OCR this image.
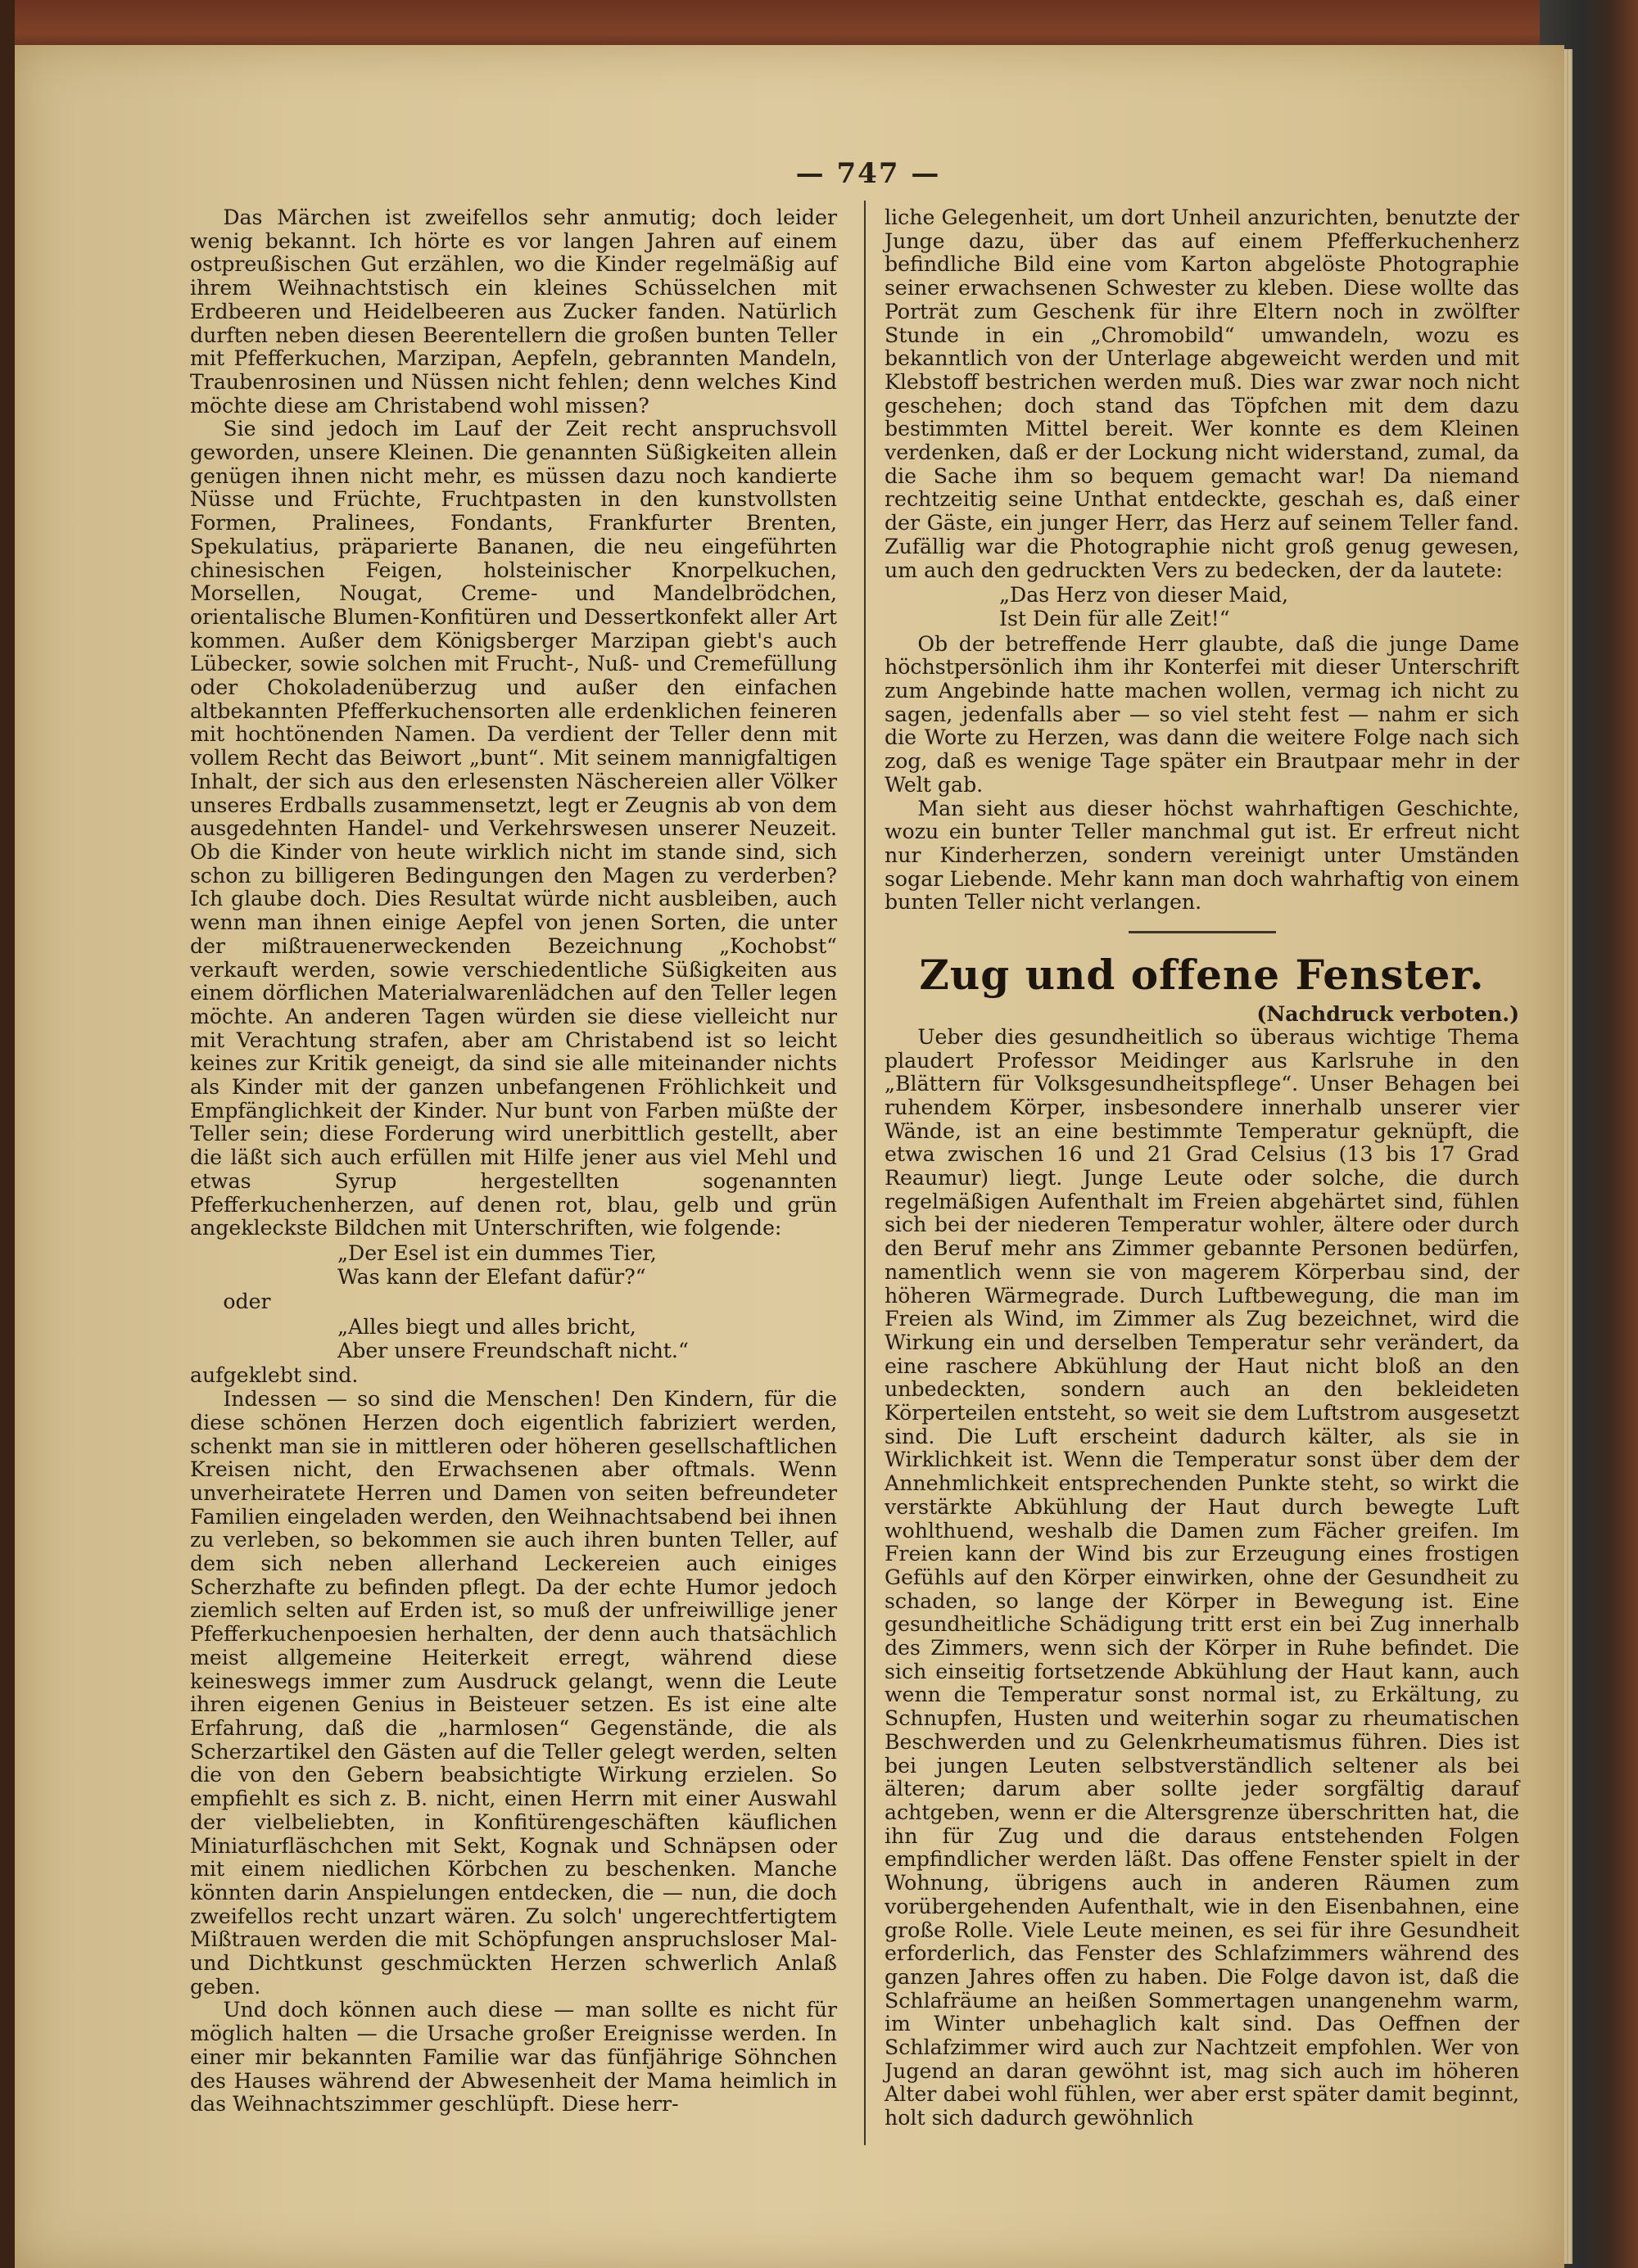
— 747 —

Das Märchen ist zweifellos sehr anmutig; doch leider wenig bekannt. Ich hörte es vor langen Jahren auf einem ostpreußischen Gut erzählen, wo die Kinder regelmäßig auf ihrem Weihnachtstisch ein kleines Schüsselchen mit Erdbeeren und Heidelbeeren aus Zucker fanden. Natürlich durften neben diesen Beerentellern die großen bunten Teller mit Pfefferkuchen, Marzipan, Aepfeln, gebrannten Mandeln, Traubenrosinen und Nüssen nicht fehlen; denn welches Kind möchte diese am Christabend wohl missen?

Sie sind jedoch im Lauf der Zeit recht anspruchsvoll geworden, unsere Kleinen. Die genannten Süßigkeiten allein genügen ihnen nicht mehr, es müssen dazu noch kandierte Nüsse und Früchte, Fruchtpasten in den kunstvollsten Formen, Pralinees, Fondants, Frankfurter Brenten, Spekulatius, präparierte Bananen, die neu eingeführten chinesischen Feigen, holsteinischer Knorpelkuchen, Morsellen, Nougat, Creme- und Mandelbrödchen, orientalische Blumen-Konfitüren und Dessertkonfekt aller Art kommen. Außer dem Königsberger Marzipan giebt's auch Lübecker, sowie solchen mit Frucht-, Nuß- und Cremefüllung oder Chokoladenüberzug und außer den einfachen altbekannten Pfefferkuchensorten alle erdenklichen feineren mit hochtönenden Namen. Da verdient der Teller denn mit vollem Recht das Beiwort „bunt“. Mit seinem mannigfaltigen Inhalt, der sich aus den erlesensten Näschereien aller Völker unseres Erdballs zusammensetzt, legt er Zeugnis ab von dem ausgedehnten Handel- und Verkehrswesen unserer Neuzeit. Ob die Kinder von heute wirklich nicht im stande sind, sich schon zu billigeren Bedingungen den Magen zu verderben? Ich glaube doch. Dies Resultat würde nicht ausbleiben, auch wenn man ihnen einige Aepfel von jenen Sorten, die unter der mißtrauenerweckenden Bezeichnung „Kochobst“ verkauft werden, sowie verschiedentliche Süßigkeiten aus einem dörflichen Materialwarenlädchen auf den Teller legen möchte. An anderen Tagen würden sie diese vielleicht nur mit Verachtung strafen, aber am Christabend ist so leicht keines zur Kritik geneigt, da sind sie alle miteinander nichts als Kinder mit der ganzen unbefangenen Fröhlichkeit und Empfänglichkeit der Kinder. Nur bunt von Farben müßte der Teller sein; diese Forderung wird unerbittlich gestellt, aber die läßt sich auch erfüllen mit Hilfe jener aus viel Mehl und etwas Syrup hergestellten sogenannten Pfefferkuchenherzen, auf denen rot, blau, gelb und grün angekleckste Bildchen mit Unterschriften, wie folgende:

„Der Esel ist ein dummes Tier,
Was kann der Elefant dafür?“

oder

„Alles biegt und alles bricht,
Aber unsere Freundschaft nicht.“

aufgeklebt sind.

Indessen — so sind die Menschen! Den Kindern, für die diese schönen Herzen doch eigentlich fabriziert werden, schenkt man sie in mittleren oder höheren gesellschaftlichen Kreisen nicht, den Erwachsenen aber oftmals. Wenn unverheiratete Herren und Damen von seiten befreundeter Familien eingeladen werden, den Weihnachtsabend bei ihnen zu verleben, so bekommen sie auch ihren bunten Teller, auf dem sich neben allerhand Leckereien auch einiges Scherzhafte zu befinden pflegt. Da der echte Humor jedoch ziemlich selten auf Erden ist, so muß der unfreiwillige jener Pfefferkuchenpoesien herhalten, der denn auch thatsächlich meist allgemeine Heiterkeit erregt, während diese keineswegs immer zum Ausdruck gelangt, wenn die Leute ihren eigenen Genius in Beisteuer setzen. Es ist eine alte Erfahrung, daß die „harmlosen“ Gegenstände, die als Scherzartikel den Gästen auf die Teller gelegt werden, selten die von den Gebern beabsichtigte Wirkung erzielen. So empfiehlt es sich z. B. nicht, einen Herrn mit einer Auswahl der vielbeliebten, in Konfitürengeschäften käuflichen Miniaturfläschchen mit Sekt, Kognak und Schnäpsen oder mit einem niedlichen Körbchen zu beschenken. Manche könnten darin Anspielungen entdecken, die — nun, die doch zweifellos recht unzart wären. Zu solch' ungerechtfertigtem Mißtrauen werden die mit Schöpfungen anspruchsloser Mal- und Dichtkunst geschmückten Herzen schwerlich Anlaß geben.

Und doch können auch diese — man sollte es nicht für möglich halten — die Ursache großer Ereignisse werden. In einer mir bekannten Familie war das fünfjährige Söhnchen des Hauses während der Abwesenheit der Mama heimlich in das Weihnachtszimmer geschlüpft. Diese herr-

liche Gelegenheit, um dort Unheil anzurichten, benutzte der Junge dazu, über das auf einem Pfefferkuchenherz befindliche Bild eine vom Karton abgelöste Photographie seiner erwachsenen Schwester zu kleben. Diese wollte das Porträt zum Geschenk für ihre Eltern noch in zwölfter Stunde in ein „Chromobild“ umwandeln, wozu es bekanntlich von der Unterlage abgeweicht werden und mit Klebstoff bestrichen werden muß. Dies war zwar noch nicht geschehen; doch stand das Töpfchen mit dem dazu bestimmten Mittel bereit. Wer konnte es dem Kleinen verdenken, daß er der Lockung nicht widerstand, zumal, da die Sache ihm so bequem gemacht war! Da niemand rechtzeitig seine Unthat entdeckte, geschah es, daß einer der Gäste, ein junger Herr, das Herz auf seinem Teller fand. Zufällig war die Photographie nicht groß genug gewesen, um auch den gedruckten Vers zu bedecken, der da lautete:

„Das Herz von dieser Maid,
Ist Dein für alle Zeit!“

Ob der betreffende Herr glaubte, daß die junge Dame höchstpersönlich ihm ihr Konterfei mit dieser Unterschrift zum Angebinde hatte machen wollen, vermag ich nicht zu sagen, jedenfalls aber — so viel steht fest — nahm er sich die Worte zu Herzen, was dann die weitere Folge nach sich zog, daß es wenige Tage später ein Brautpaar mehr in der Welt gab.

Man sieht aus dieser höchst wahrhaftigen Geschichte, wozu ein bunter Teller manchmal gut ist. Er erfreut nicht nur Kinderherzen, sondern vereinigt unter Umständen sogar Liebende. Mehr kann man doch wahrhaftig von einem bunten Teller nicht verlangen.

Zug und offene Fenster.

(Nachdruck verboten.)

Ueber dies gesundheitlich so überaus wichtige Thema plaudert Professor Meidinger aus Karlsruhe in den „Blättern für Volksgesundheitspflege“. Unser Behagen bei ruhendem Körper, insbesondere innerhalb unserer vier Wände, ist an eine bestimmte Temperatur geknüpft, die etwa zwischen 16 und 21 Grad Celsius (13 bis 17 Grad Reaumur) liegt. Junge Leute oder solche, die durch regelmäßigen Aufenthalt im Freien abgehärtet sind, fühlen sich bei der niederen Temperatur wohler, ältere oder durch den Beruf mehr ans Zimmer gebannte Personen bedürfen, namentlich wenn sie von magerem Körperbau sind, der höheren Wärmegrade. Durch Luftbewegung, die man im Freien als Wind, im Zimmer als Zug bezeichnet, wird die Wirkung ein und derselben Temperatur sehr verändert, da eine raschere Abkühlung der Haut nicht bloß an den unbedeckten, sondern auch an den bekleideten Körperteilen entsteht, so weit sie dem Luftstrom ausgesetzt sind. Die Luft erscheint dadurch kälter, als sie in Wirklichkeit ist. Wenn die Temperatur sonst über dem der Annehmlichkeit entsprechenden Punkte steht, so wirkt die verstärkte Abkühlung der Haut durch bewegte Luft wohlthuend, weshalb die Damen zum Fächer greifen. Im Freien kann der Wind bis zur Erzeugung eines frostigen Gefühls auf den Körper einwirken, ohne der Gesundheit zu schaden, so lange der Körper in Bewegung ist. Eine gesundheitliche Schädigung tritt erst ein bei Zug innerhalb des Zimmers, wenn sich der Körper in Ruhe befindet. Die sich einseitig fortsetzende Abkühlung der Haut kann, auch wenn die Temperatur sonst normal ist, zu Erkältung, zu Schnupfen, Husten und weiterhin sogar zu rheumatischen Beschwerden und zu Gelenkrheumatismus führen. Dies ist bei jungen Leuten selbstverständlich seltener als bei älteren; darum aber sollte jeder sorgfältig darauf achtgeben, wenn er die Altersgrenze überschritten hat, die ihn für Zug und die daraus entstehenden Folgen empfindlicher werden läßt. Das offene Fenster spielt in der Wohnung, übrigens auch in anderen Räumen zum vorübergehenden Aufenthalt, wie in den Eisenbahnen, eine große Rolle. Viele Leute meinen, es sei für ihre Gesundheit erforderlich, das Fenster des Schlafzimmers während des ganzen Jahres offen zu haben. Die Folge davon ist, daß die Schlafräume an heißen Sommertagen unangenehm warm, im Winter unbehaglich kalt sind. Das Oeffnen der Schlafzimmer wird auch zur Nachtzeit empfohlen. Wer von Jugend an daran gewöhnt ist, mag sich auch im höheren Alter dabei wohl fühlen, wer aber erst später damit beginnt, holt sich dadurch gewöhnlich
